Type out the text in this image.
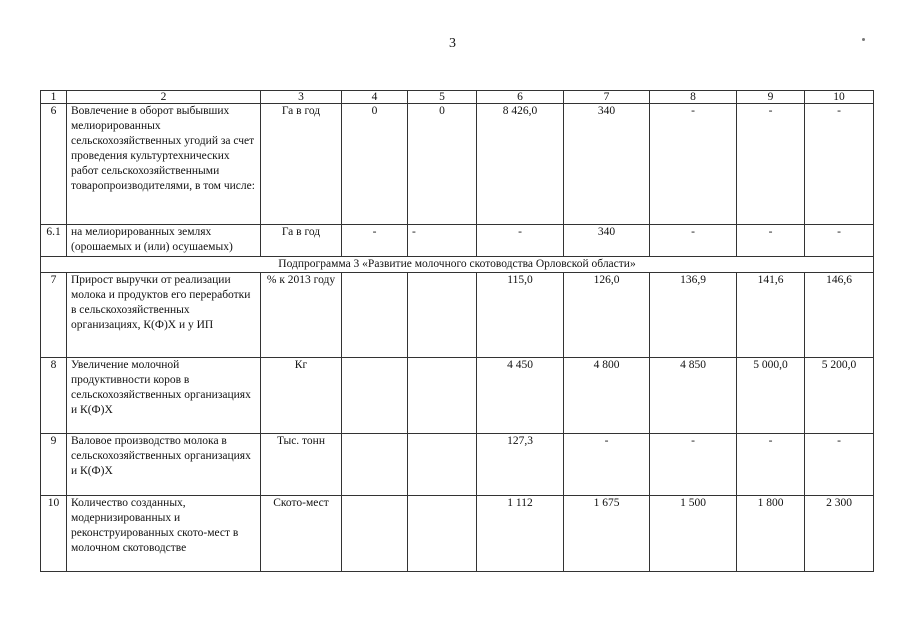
3
1	2	3	4	5	6	7	8	9	10
6	Вовлечение в оборот выбывших мелиорированных сельскохозяйственных угодий за счет проведения культуртехнических работ сельскохозяйственными товаропроизводителями, в том числе:	Га в год	0	0	8 426,0	340	-	-	-
6.1	на мелиорированных землях (орошаемых и (или) осушаемых)	Га в год	-	-	-	340	-	-	-
Подпрограмма 3 «Развитие молочного скотоводства Орловской области»									
7	Прирост выручки от реализации молока и продуктов его переработки в сельскохозяйственных организациях, К(Ф)Х и у ИП	% к 2013 году			115,0	126,0	136,9	141,6	146,6
8	Увеличение молочной продуктивности коров в сельскохозяйственных организациях и К(Ф)Х	Кг			4 450	4 800	4 850	5 000,0	5 200,0
9	Валовое производство молока в сельскохозяйственных организациях и К(Ф)Х	Тыс. тонн			127,3	-	-	-	-
10	Количество созданных, модернизированных и реконструированных ското-мест в молочном скотоводстве	Ското-мест			1 112	1 675	1 500	1 800	2 300
